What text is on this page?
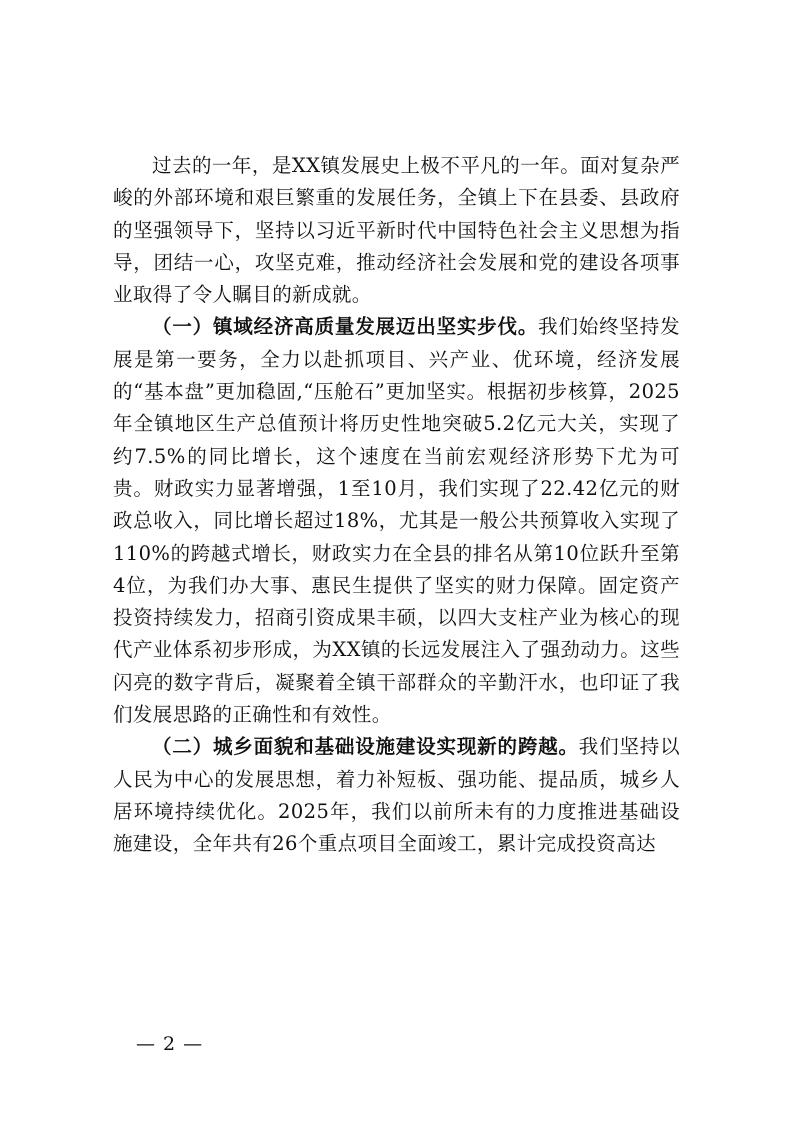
过去的一年，是XX镇发展史上极不平凡的一年。面对复杂严峻的外部环境和艰巨繁重的发展任务，全镇上下在县委、县政府的坚强领导下，坚持以习近平新时代中国特色社会主义思想为指导，团结一心，攻坚克难，推动经济社会发展和党的建设各项事业取得了令人瞩目的新成就。

（一）镇域经济高质量发展迈出坚实步伐。我们始终坚持发展是第一要务，全力以赴抓项目、兴产业、优环境，经济发展的“基本盘”更加稳固,“压舱石”更加坚实。根据初步核算，2025年全镇地区生产总值预计将历史性地突破5.2亿元大关，实现了约7.5%的同比增长，这个速度在当前宏观经济形势下尤为可贵。财政实力显著增强，1至10月，我们实现了22.42亿元的财政总收入，同比增长超过18%，尤其是一般公共预算收入实现了110%的跨越式增长，财政实力在全县的排名从第10位跃升至第4位，为我们办大事、惠民生提供了坚实的财力保障。固定资产投资持续发力，招商引资成果丰硕，以四大支柱产业为核心的现代产业体系初步形成，为XX镇的长远发展注入了强劲动力。这些闪亮的数字背后，凝聚着全镇干部群众的辛勤汗水，也印证了我们发展思路的正确性和有效性。

（二）城乡面貌和基础设施建设实现新的跨越。我们坚持以人民为中心的发展思想，着力补短板、强功能、提品质，城乡人居环境持续优化。2025年，我们以前所未有的力度推进基础设施建设，全年共有26个重点项目全面竣工，累计完成投资高达

— 2 —
